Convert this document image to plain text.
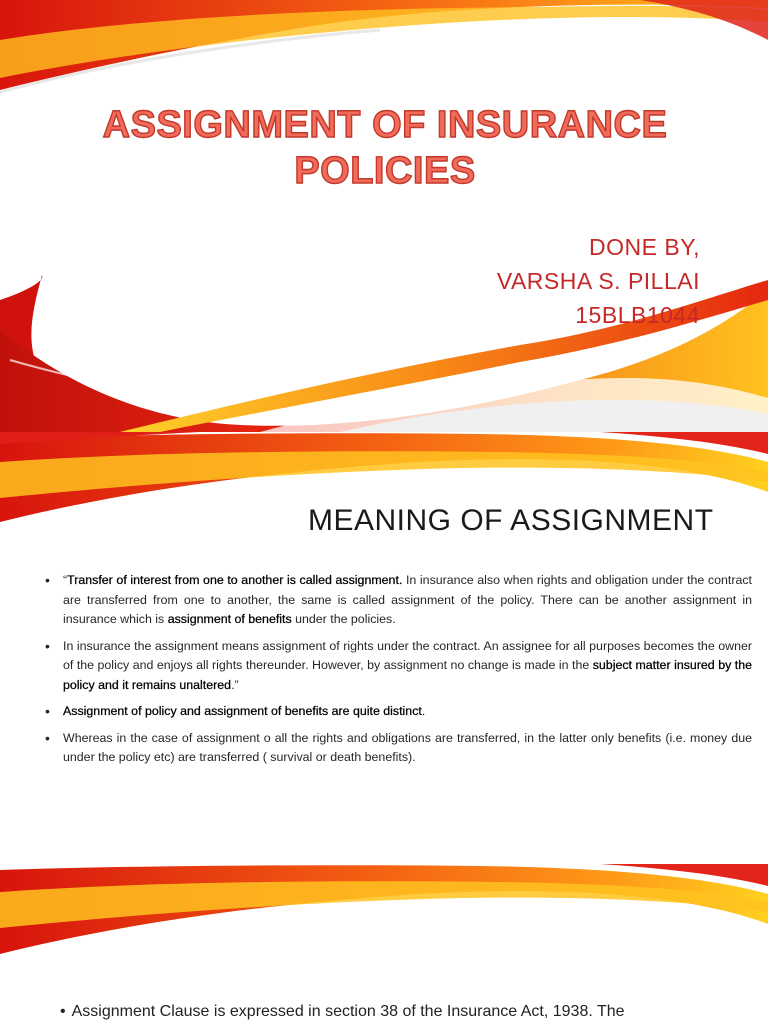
ASSIGNMENT OF INSURANCE POLICIES
DONE BY,
VARSHA S. PILLAI
15BLB1044
MEANING OF ASSIGNMENT
• “Transfer of interest from one to another is called assignment. In insurance also when rights and obligation under the contract are transferred from one to another, the same is called assignment of the policy. There can be another assignment in insurance which is assignment of benefits under the policies.
• In insurance the assignment means assignment of rights under the contract. An assignee for all purposes becomes the owner of the policy and enjoys all rights thereunder. However, by assignment no change is made in the subject matter insured by the policy and it remains unaltered.”
• Assignment of policy and assignment of benefits are quite distinct.
• Whereas in the case of assignment o all the rights and obligations are transferred, in the latter only benefits (i.e. money due under the policy etc) are transferred ( survival or death benefits).
• Assignment Clause is expressed in section 38 of the Insurance Act, 1938. The
